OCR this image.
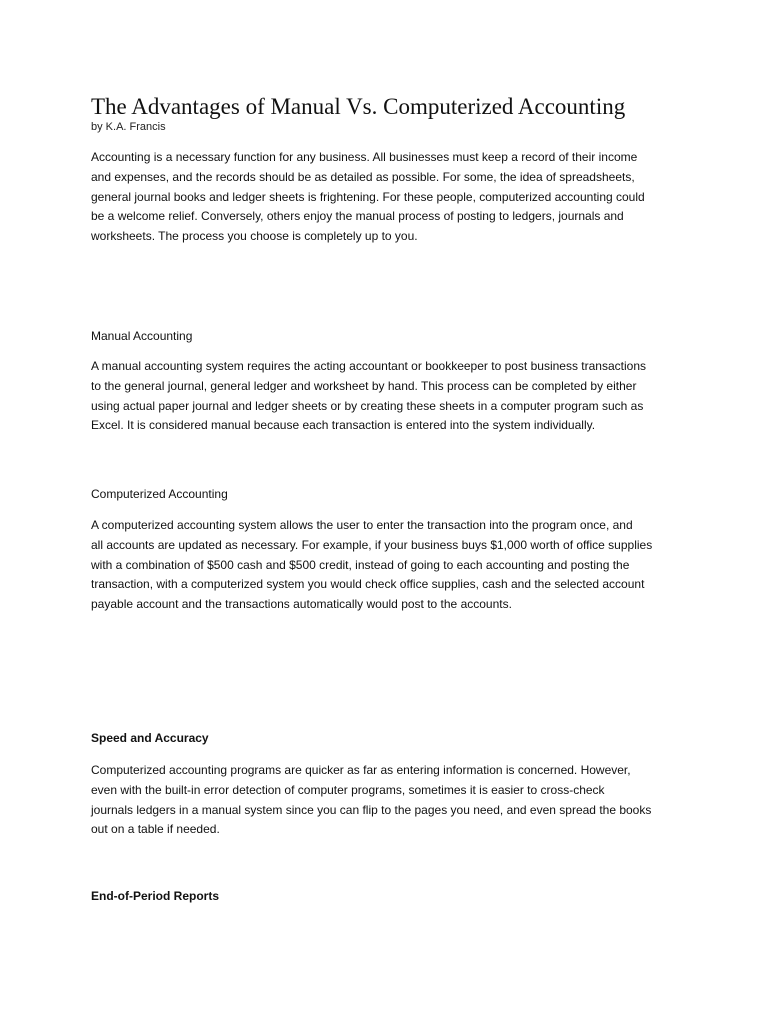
The Advantages of Manual Vs. Computerized Accounting
by K.A. Francis

Accounting is a necessary function for any business. All businesses must keep a record of their income
and expenses, and the records should be as detailed as possible. For some, the idea of spreadsheets,
general journal books and ledger sheets is frightening. For these people, computerized accounting could
be a welcome relief. Conversely, others enjoy the manual process of posting to ledgers, journals and
worksheets. The process you choose is completely up to you.

Manual Accounting

A manual accounting system requires the acting accountant or bookkeeper to post business transactions
to the general journal, general ledger and worksheet by hand. This process can be completed by either
using actual paper journal and ledger sheets or by creating these sheets in a computer program such as
Excel. It is considered manual because each transaction is entered into the system individually.

Computerized Accounting

A computerized accounting system allows the user to enter the transaction into the program once, and
all accounts are updated as necessary. For example, if your business buys $1,000 worth of office supplies
with a combination of $500 cash and $500 credit, instead of going to each accounting and posting the
transaction, with a computerized system you would check office supplies, cash and the selected account
payable account and the transactions automatically would post to the accounts.

Speed and Accuracy

Computerized accounting programs are quicker as far as entering information is concerned. However,
even with the built-in error detection of computer programs, sometimes it is easier to cross-check
journals ledgers in a manual system since you can flip to the pages you need, and even spread the books
out on a table if needed.

End-of-Period Reports
